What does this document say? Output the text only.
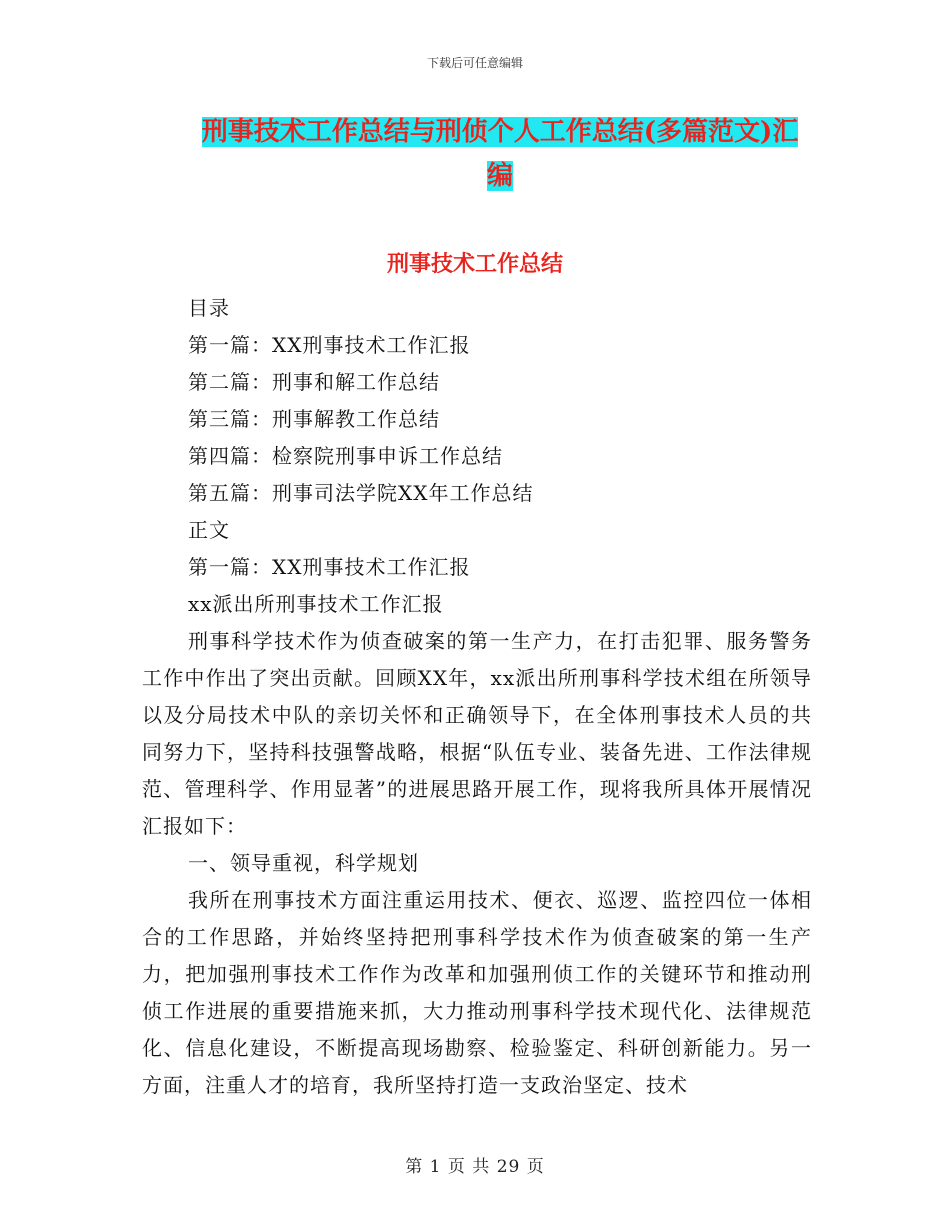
下载后可任意编辑
刑事技术工作总结与刑侦个人工作总结(多篇范文)汇
编
刑事技术工作总结

目录

第一篇：XX刑事技术工作汇报

第二篇：刑事和解工作总结

第三篇：刑事解教工作总结

第四篇：检察院刑事申诉工作总结

第五篇：刑事司法学院XX年工作总结

正文

第一篇：XX刑事技术工作汇报

xx派出所刑事技术工作汇报

刑事科学技术作为侦查破案的第一生产力，在打击犯罪、服务警务工作中作出了突出贡献。回顾XX年，xx派出所刑事科学技术组在所领导以及分局技术中队的亲切关怀和正确领导下，在全体刑事技术人员的共同努力下，坚持科技强警战略，根据“队伍专业、装备先进、工作法律规范、管理科学、作用显著”的进展思路开展工作，现将我所具体开展情况汇报如下：

一、领导重视，科学规划

我所在刑事技术方面注重运用技术、便衣、巡逻、监控四位一体相合的工作思路，并始终坚持把刑事科学技术作为侦查破案的第一生产力，把加强刑事技术工作作为改革和加强刑侦工作的关键环节和推动刑侦工作进展的重要措施来抓，大力推动刑事科学技术现代化、法律规范化、信息化建设，不断提高现场勘察、检验鉴定、科研创新能力。另一方面，注重人才的培育，我所坚持打造一支政治坚定、技术

第 1 页 共 29 页
